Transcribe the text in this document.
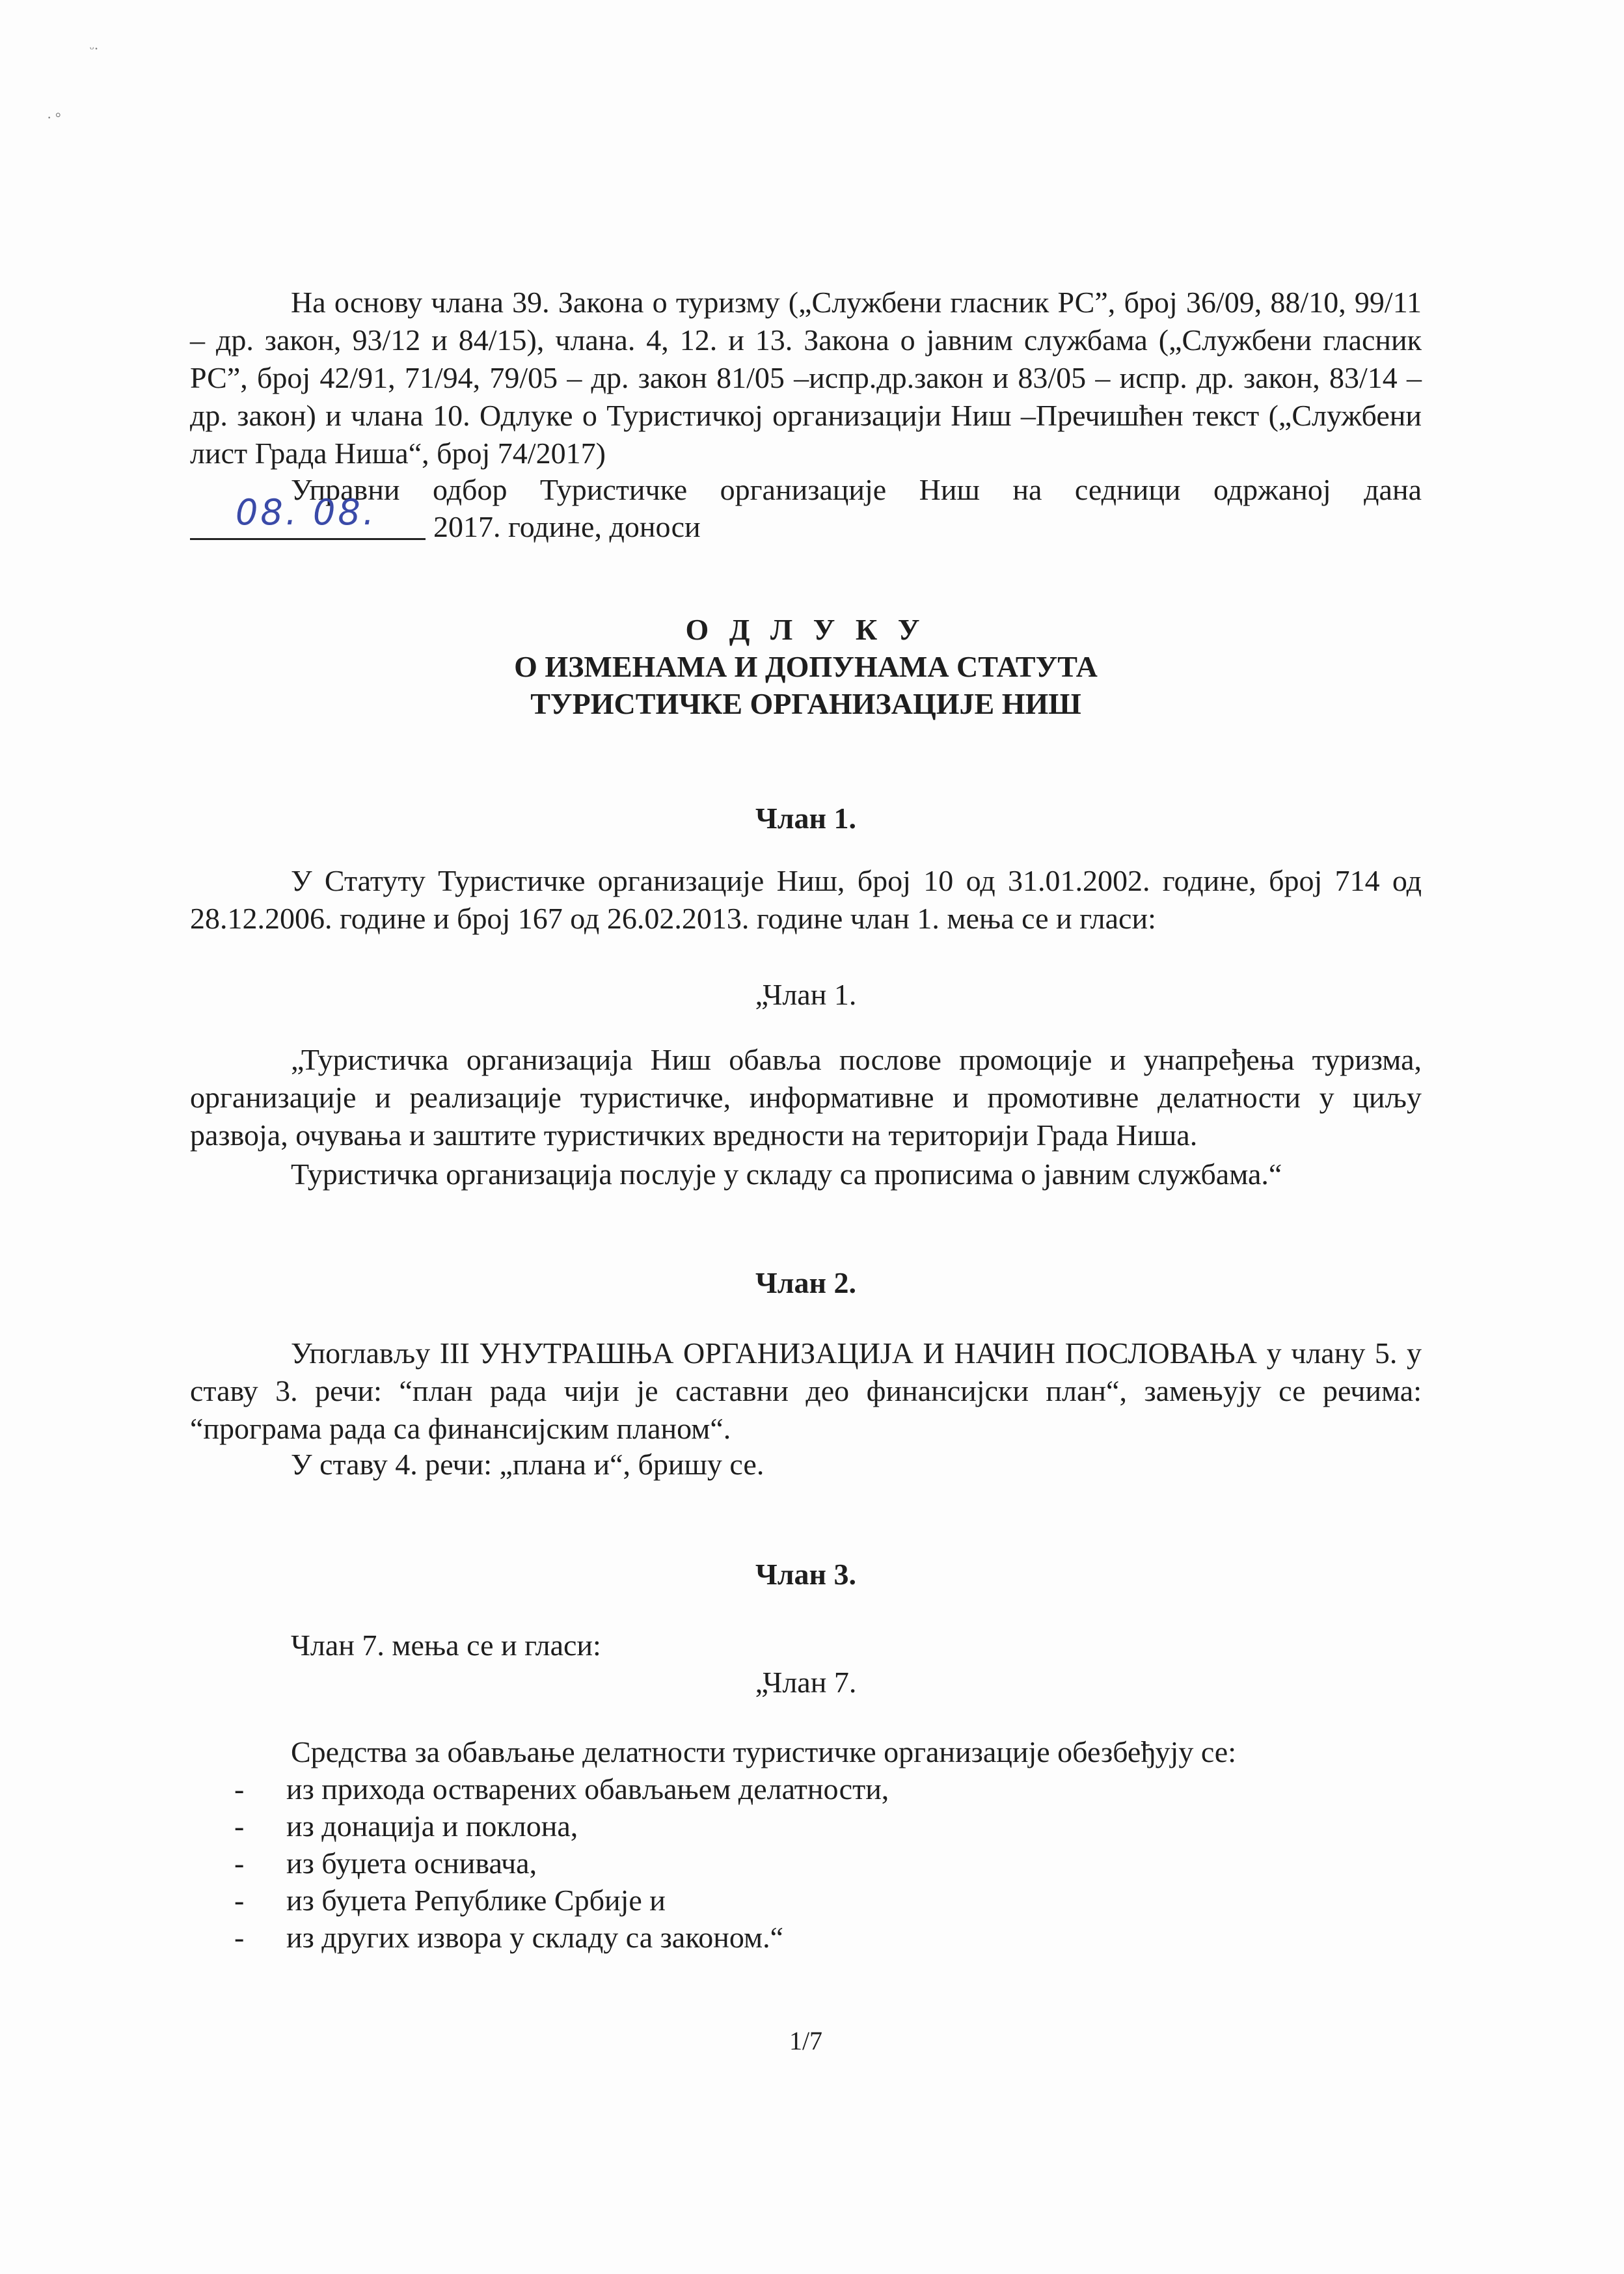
ᵕ·
· °

На основу члана 39. Закона о туризму („Службени гласник РС”, број 36/09, 88/10, 99/11 – др. закон, 93/12 и 84/15), члана. 4, 12. и 13. Закона о јавним службама („Службени гласник РС”, број 42/91, 71/94, 79/05 – др. закон 81/05 –испр.др.закон и 83/05 – испр. др. закон, 83/14 – др. закон) и члана 10. Одлуке о Туристичкој организацији Ниш –Пречишћен текст („Службени лист Града Ниша“, број 74/2017)

Управни одбор Туристичке организације Ниш на седници одржаној дана

08. 08. 2017. године, доноси

О Д Л У К У

О ИЗМЕНАМА И ДОПУНАМА СТАТУТА

ТУРИСТИЧКЕ ОРГАНИЗАЦИЈЕ НИШ

Члан 1.

У Статуту Туристичке организације Ниш, број 10 од 31.01.2002. године, број 714 од 28.12.2006. године и број 167 од 26.02.2013. године члан 1. мења се и гласи:

„Члан 1.

„Туристичка организација Ниш обавља послове промоције и унапређења туризма, организације и реализације туристичке, информативне и промотивне делатности у циљу развоја, очувања и заштите туристичких вредности на територији Града Ниша.

Туристичка организација послује у складу са прописима о јавним службама.“

Члан 2.

Упоглављу III УНУТРАШЊА ОРГАНИЗАЦИЈА И НАЧИН ПОСЛОВАЊА у члану 5. у ставу 3. речи: “план рада чији је саставни део финансијски план“, замењују се речима: “програма рада са финансијским планом“.

У ставу 4. речи: „плана и“, бришу се.

Члан 3.

Члан 7. мења се и гласи:

„Члан 7.

Средства за обављање делатности туристичке организације обезбеђују се:

- из прихода остварених обављањем делатности,
- из донација и поклона,
- из буџета оснивача,
- из буџета Републике Србије и
- из других извора у складу са законом.“

1/7
